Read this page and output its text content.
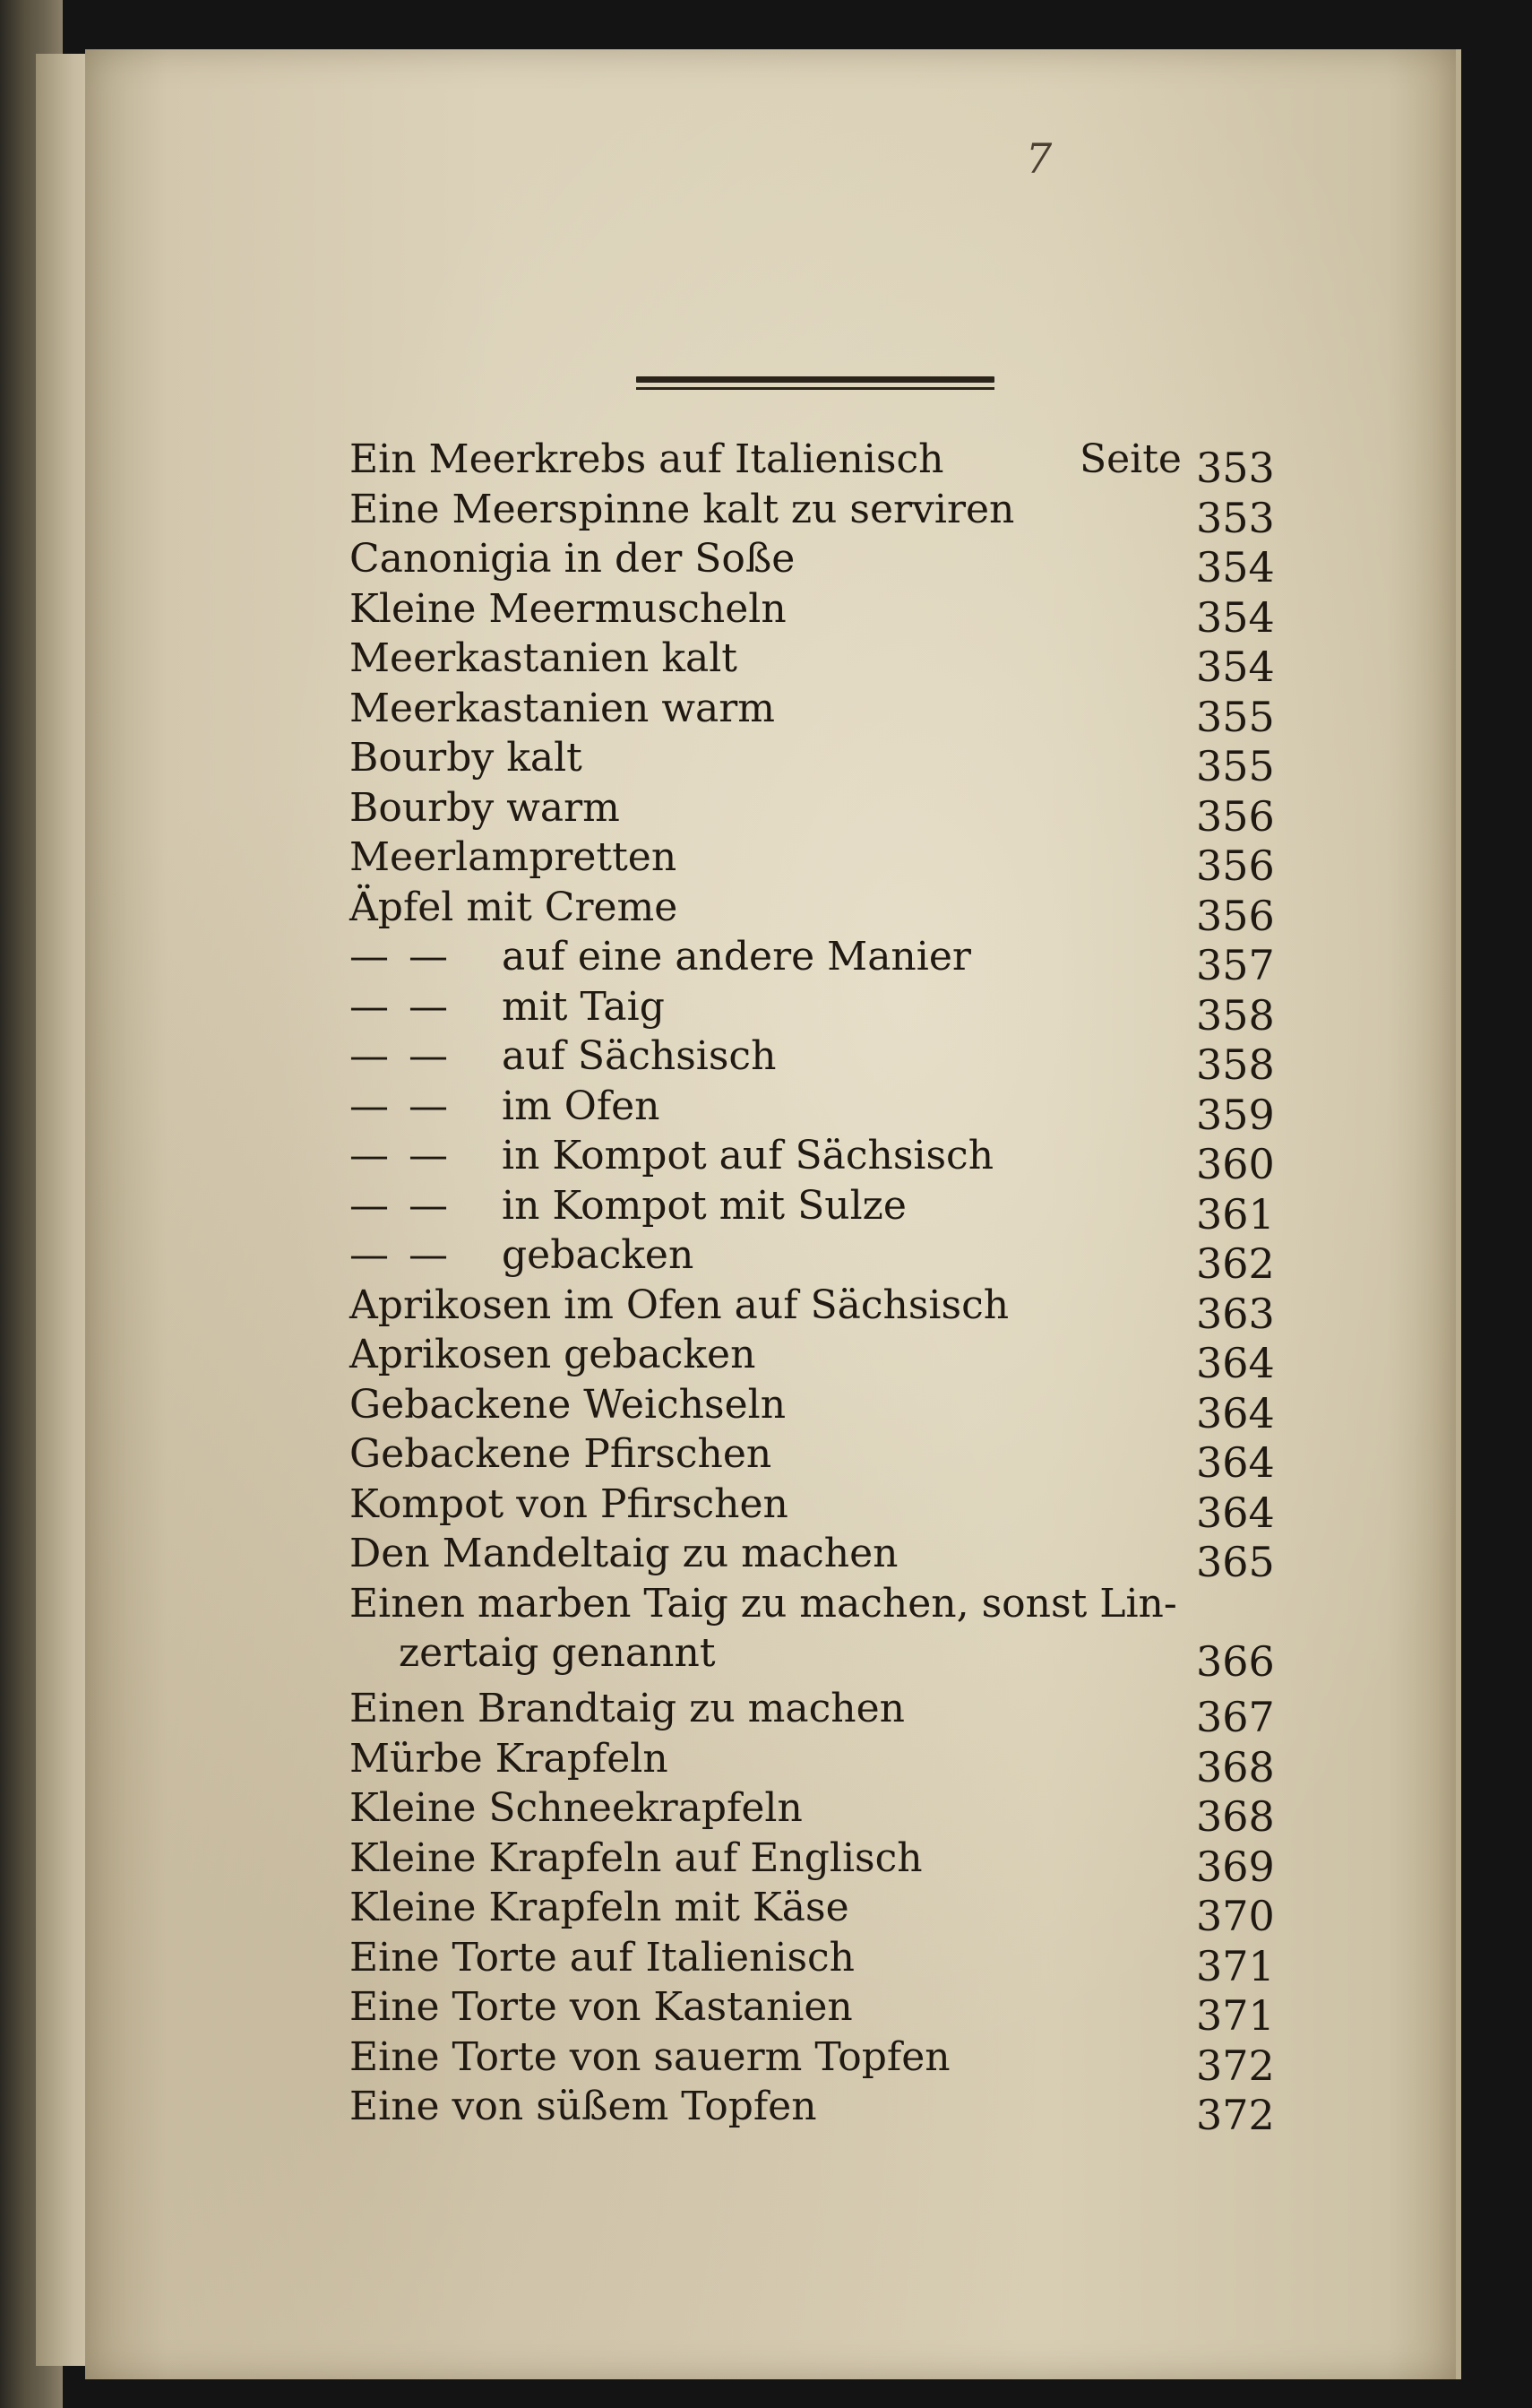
7
Ein Meerkrebs auf Italienisch	Seite 353
Eine Meerspinne kalt zu serviren	353
Canonigia in der Soße	354
Kleine Meermuscheln	354
Meerkastanien kalt	354
Meerkastanien warm	355
Bourby kalt	355
Bourby warm	356
Meerlampretten	356
Äpfel mit Creme	356
— — auf eine andere Manier	357
— — mit Taig	358
— — auf Sächsisch	358
— — im Ofen	359
— — in Kompot auf Sächsisch	360
— — in Kompot mit Sulze	361
— — gebacken	362
Aprikosen im Ofen auf Sächsisch	363
Aprikosen gebacken	364
Gebackene Weichseln	364
Gebackene Pfirschen	364
Kompot von Pfirschen	364
Den Mandeltaig zu machen	365
Einen marben Taig zu machen, sonst Lin-
zertaig genannt	366
Einen Brandtaig zu machen	367
Mürbe Krapfeln	368
Kleine Schneekrapfeln	368
Kleine Krapfeln auf Englisch	369
Kleine Krapfeln mit Käse	370
Eine Torte auf Italienisch	371
Eine Torte von Kastanien	371
Eine Torte von sauerm Topfen	372
Eine von süßem Topfen	372
